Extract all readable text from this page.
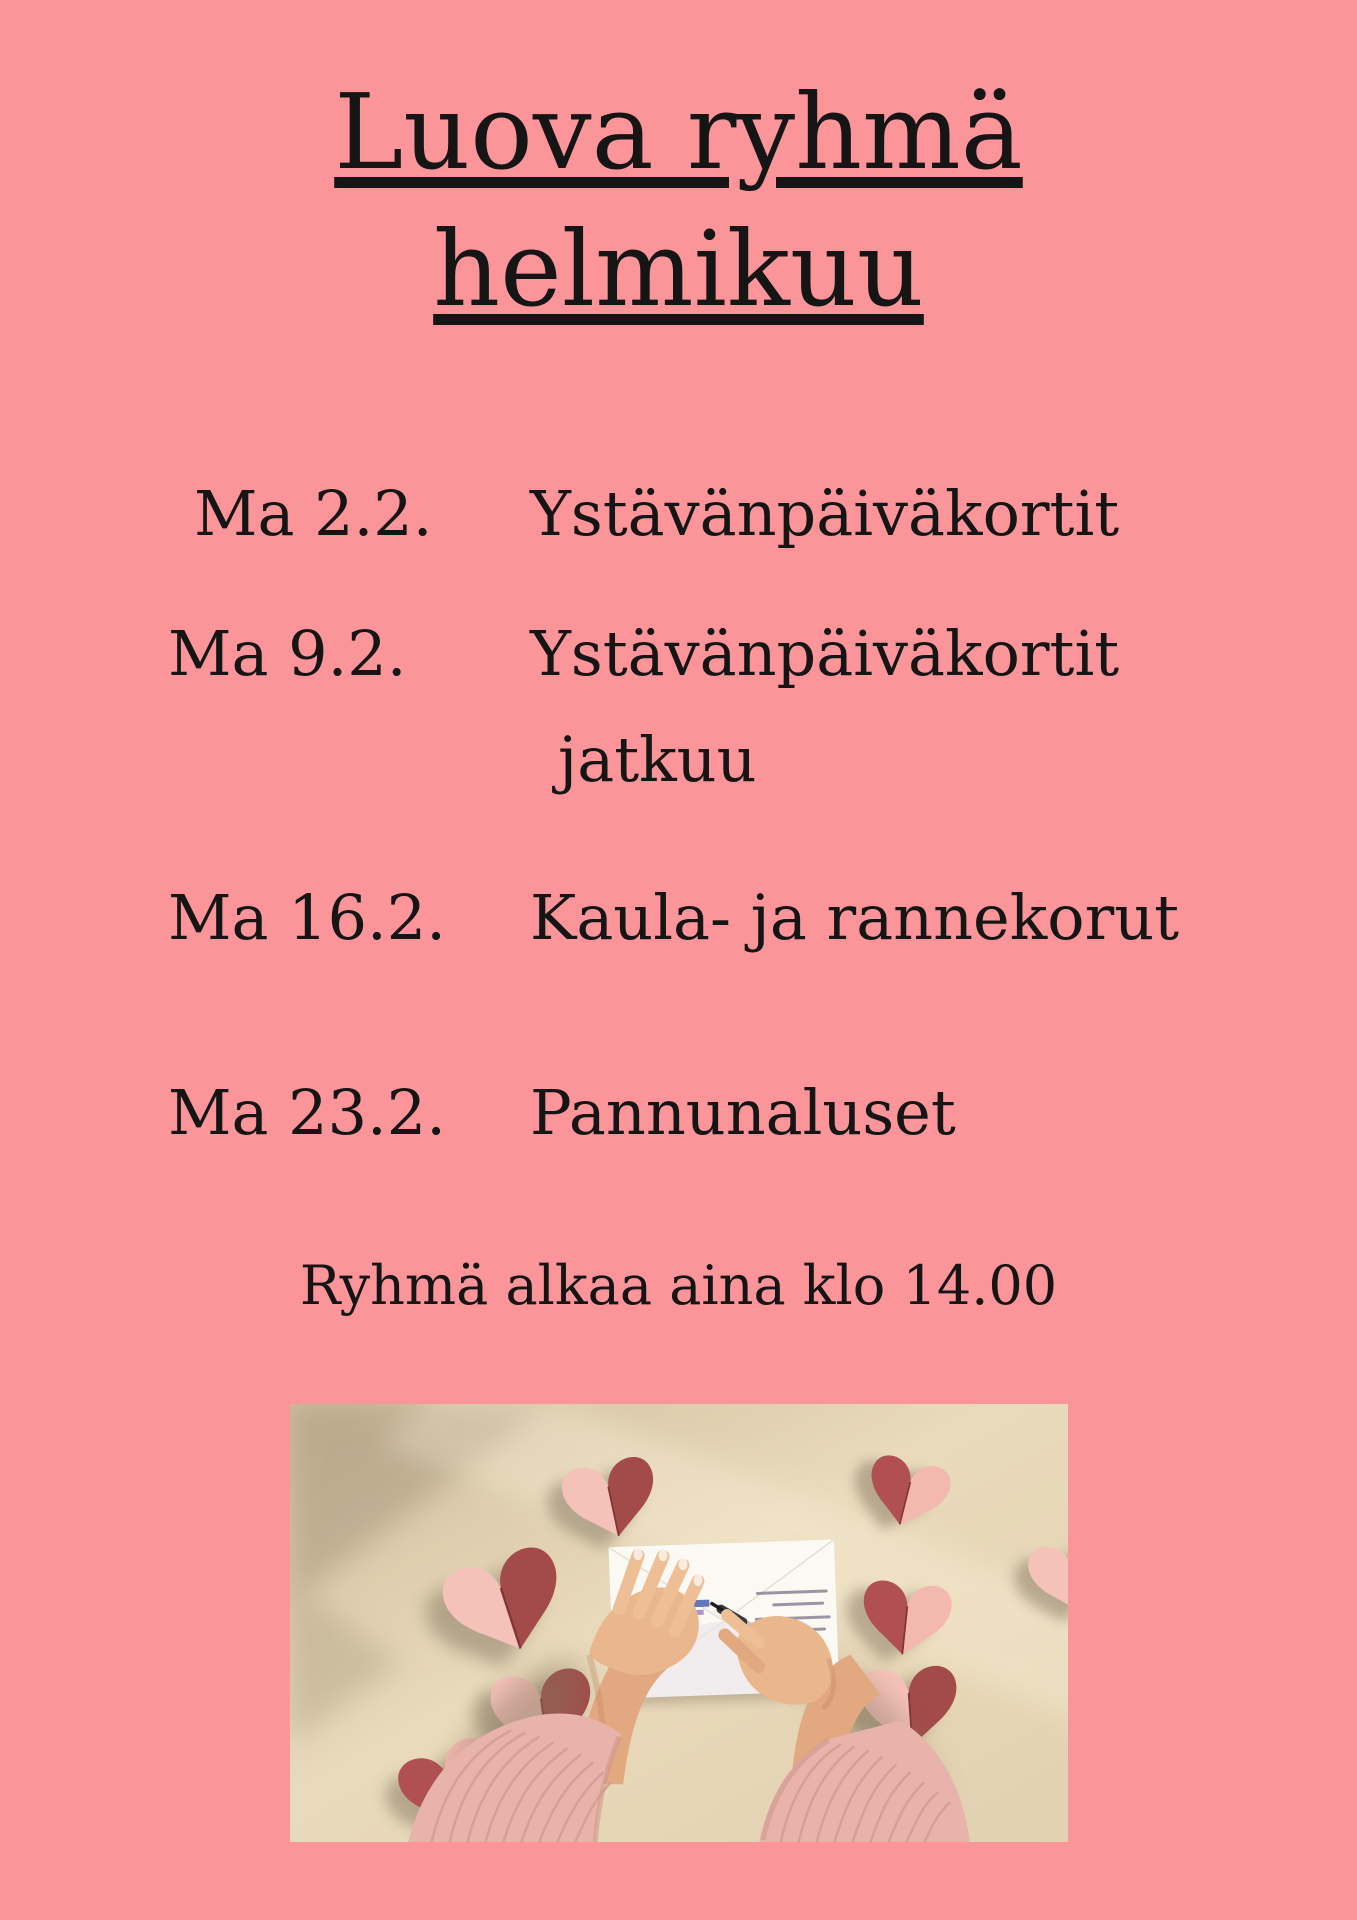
Luova ryhmä
helmikuu
Ma 2.2. Ystävänpäiväkortit
Ma 9.2. Ystävänpäiväkortit
jatkuu
Ma 16.2. Kaula- ja rannekorut
Ma 23.2. Pannunaluset
Ryhmä alkaa aina klo 14.00
